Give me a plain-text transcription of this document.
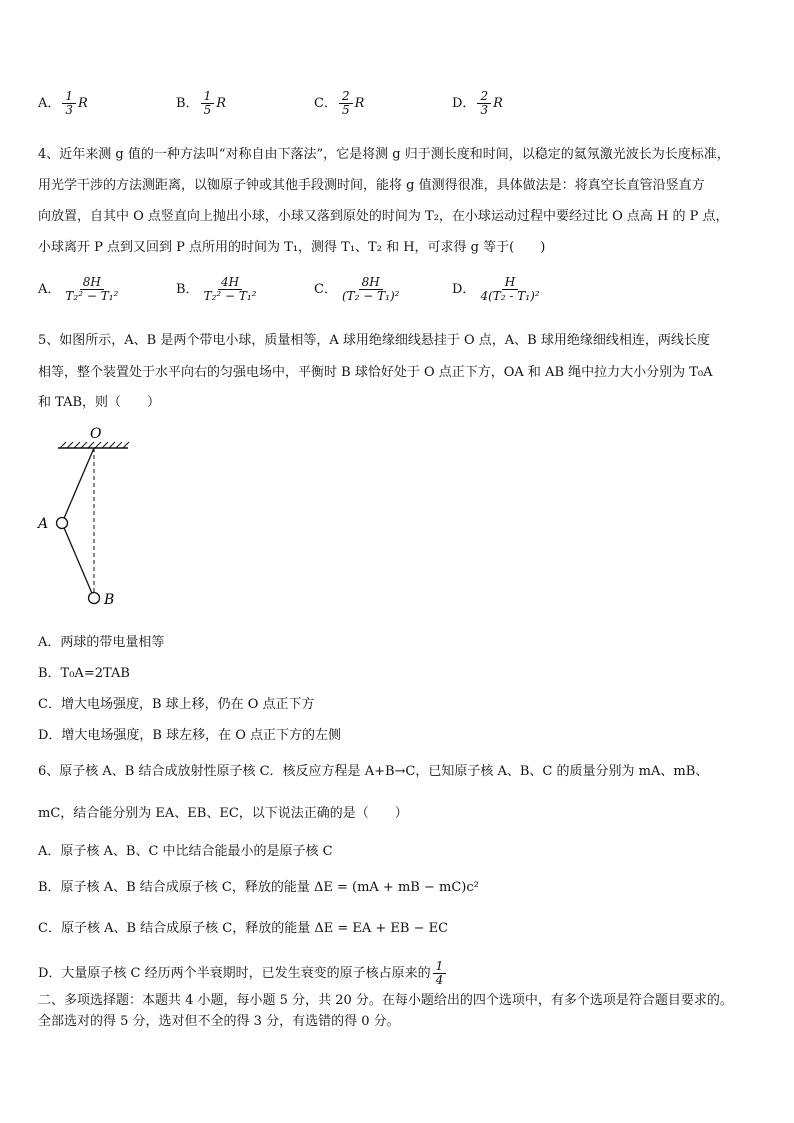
A． $\frac{1}{3}$ R	B． $\frac{1}{5}$ R	C． $\frac{2}{5}$ R	D． $\frac{2}{3}$ R
4、近年来测 g 值的一种方法叫“对称自由下落法”，它是将测 g 归于测长度和时间，以稳定的氦氖激光波长为长度标准，
用光学干涉的方法测距离，以铷原子钟或其他手段测时间，能将 g 值测得很准，具体做法是：将真空长直管沿竖直方
向放置，自其中 O 点竖直向上抛出小球，小球又落到原处的时间为 T₂，在小球运动过程中要经过比 O 点高 H 的 P 点，
小球离开 P 点到又回到 P 点所用的时间为 T₁，测得 T₁、T₂ 和 H，可求得 g 等于(　　)
A． $\frac{8H}{\text{T₂² − T₁²}}$	B． $\frac{4H}{\text{T₂² − T₁²}}$	C． $\frac{8H}{\text{(T₂ − T₁)²}}$	D． $\frac{H}{\text{4(T₂ - T₁)²}}$
5、如图所示，A、B 是两个带电小球，质量相等，A 球用绝缘细线悬挂于 O 点，A、B 球用绝缘细线相连，两线长度
相等，整个装置处于水平向右的匀强电场中，平衡时 B 球恰好处于 O 点正下方，OA 和 AB 绳中拉力大小分别为 T₀A
和 TAB，则（　　）
O
A
B
A．两球的带电量相等
B．T₀A=2TAB
C．增大电场强度，B 球上移，仍在 O 点正下方
D．增大电场强度，B 球左移，在 O 点正下方的左侧
6、原子核 A、B 结合成放射性原子核 C．核反应方程是 A+B→C，已知原子核 A、B、C 的质量分别为 mA、mB、
mC，结合能分别为 EA、EB、EC，以下说法正确的是（　　）
A．原子核 A、B、C 中比结合能最小的是原子核 C
B．原子核 A、B 结合成原子核 C，释放的能量 ΔE = (mA + mB − mC)c²
C．原子核 A、B 结合成原子核 C，释放的能量 ΔE = EA + EB − EC
D．大量原子核 C 经历两个半衰期时，已发生衰变的原子核占原来的 $\frac{1}{4}$
二、多项选择题：本题共 4 小题，每小题 5 分，共 20 分。在每小题给出的四个选项中，有多个选项是符合题目要求的。
全部选对的得 5 分，选对但不全的得 3 分，有选错的得 0 分。
